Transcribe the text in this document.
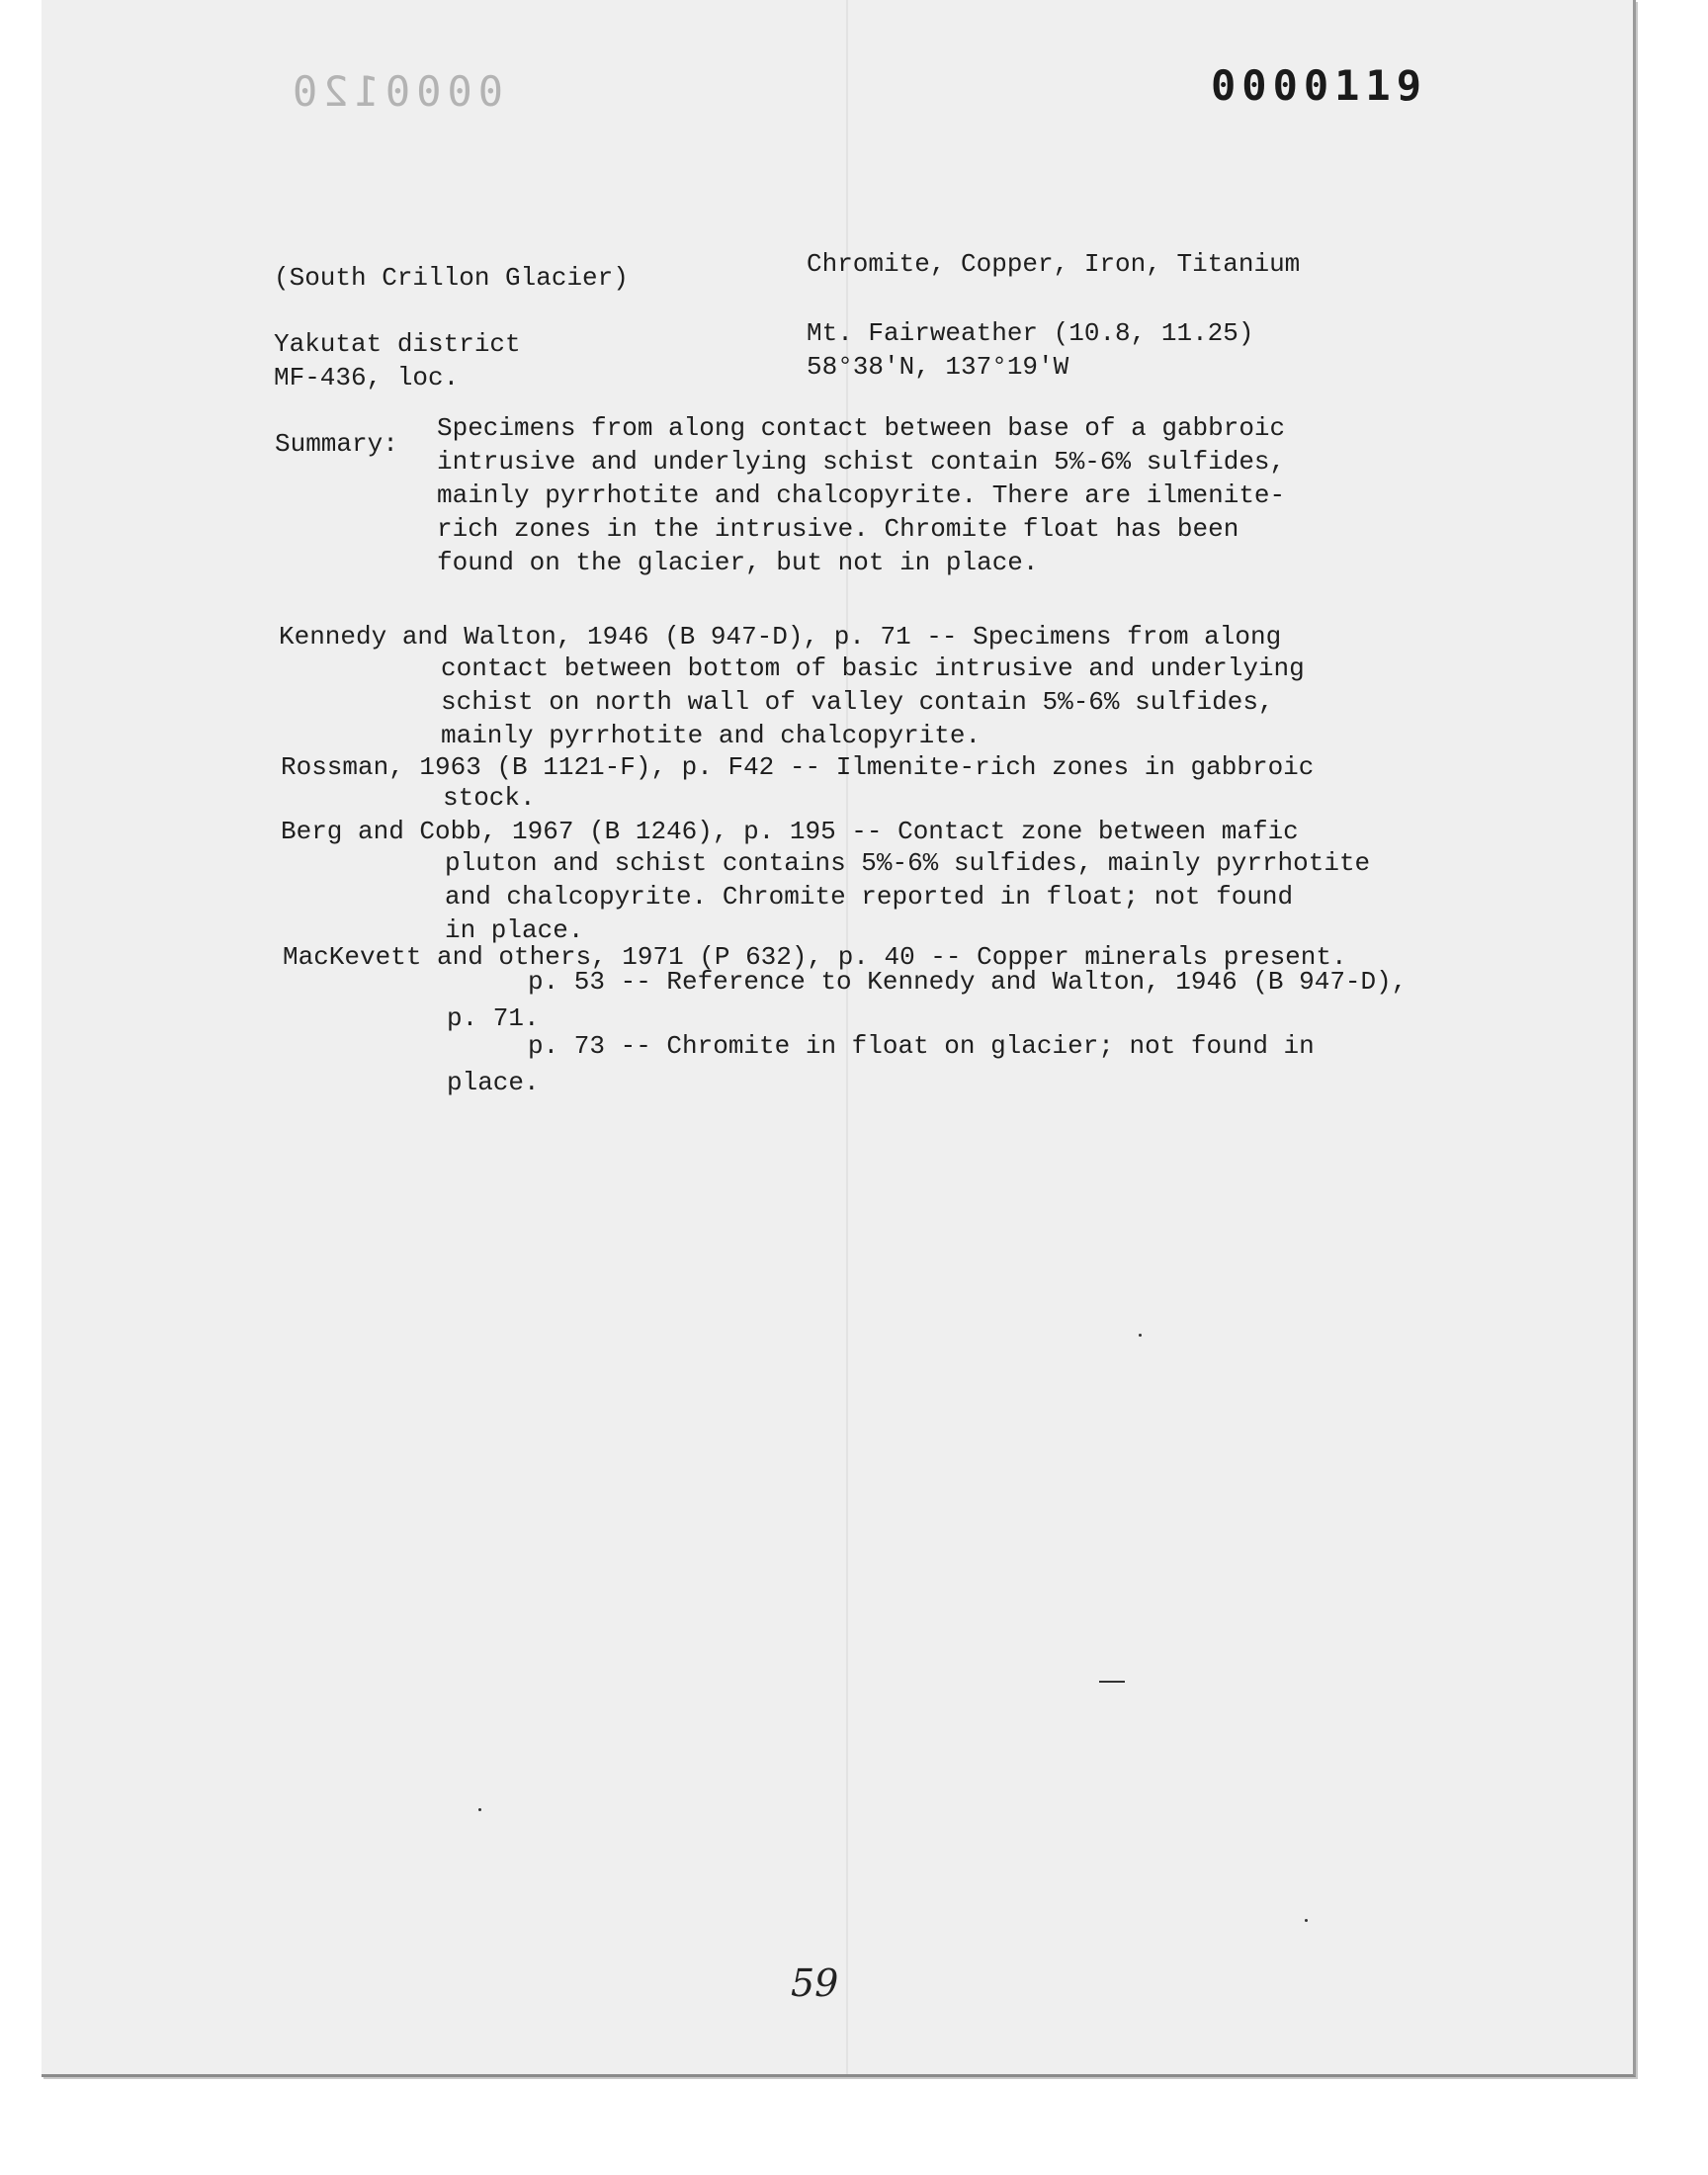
0000120	0000119
(South Crillon Glacier)	Chromite, Copper, Iron, Titanium
Yakutat district
MF-436, loc.
Mt. Fairweather (10.8, 11.25)
58°38'N, 137°19'W
Summary:
Specimens from along contact between base of a gabbroic
intrusive and underlying schist contain 5%-6% sulfides,
mainly pyrrhotite and chalcopyrite. There are ilmenite-
rich zones in the intrusive. Chromite float has been
found on the glacier, but not in place.
Kennedy and Walton, 1946 (B 947-D), p. 71 -- Specimens from along
contact between bottom of basic intrusive and underlying
schist on north wall of valley contain 5%-6% sulfides,
mainly pyrrhotite and chalcopyrite.
Rossman, 1963 (B 1121-F), p. F42 -- Ilmenite-rich zones in gabbroic
stock.
Berg and Cobb, 1967 (B 1246), p. 195 -- Contact zone between mafic
pluton and schist contains 5%-6% sulfides, mainly pyrrhotite
and chalcopyrite. Chromite reported in float; not found
in place.
MacKevett and others, 1971 (P 632), p. 40 -- Copper minerals present.
p. 53 -- Reference to Kennedy and Walton, 1946 (B 947-D),
p. 71.
p. 73 -- Chromite in float on glacier; not found in
place.
59
